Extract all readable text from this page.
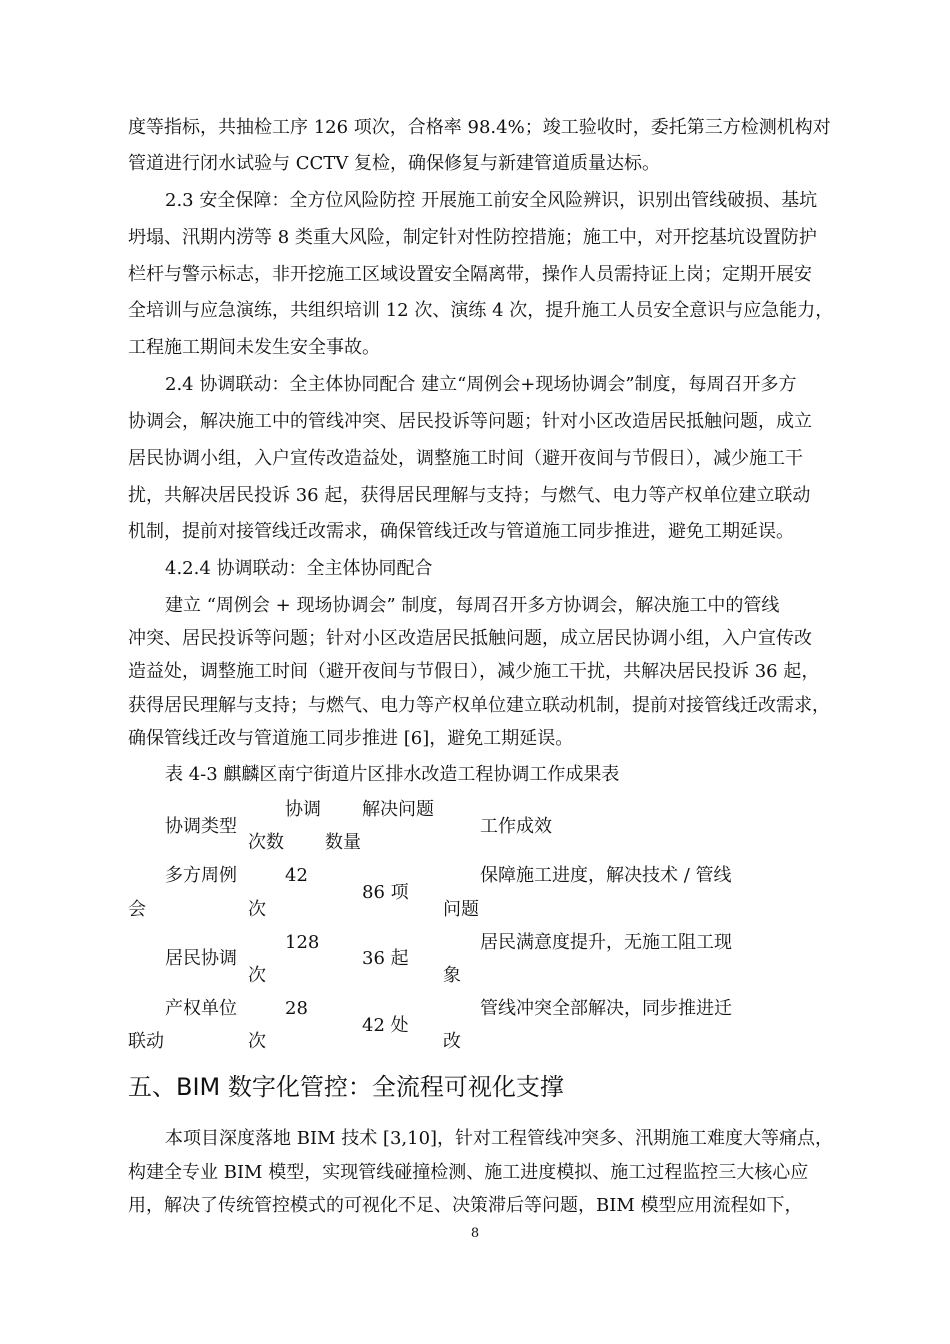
度等指标，共抽检工序 126 项次，合格率 98.4%；竣工验收时，委托第三方检测机构对
管道进行闭水试验与 CCTV 复检，确保修复与新建管道质量达标。
2.3 安全保障：全方位风险防控 开展施工前安全风险辨识，识别出管线破损、基坑
坍塌、汛期内涝等 8 类重大风险，制定针对性防控措施；施工中，对开挖基坑设置防护
栏杆与警示标志，非开挖施工区域设置安全隔离带，操作人员需持证上岗；定期开展安
全培训与应急演练，共组织培训 12 次、演练 4 次，提升施工人员安全意识与应急能力，
工程施工期间未发生安全事故。
2.4 协调联动：全主体协同配合 建立“周例会+现场协调会”制度，每周召开多方
协调会，解决施工中的管线冲突、居民投诉等问题；针对小区改造居民抵触问题，成立
居民协调小组，入户宣传改造益处，调整施工时间（避开夜间与节假日），减少施工干
扰，共解决居民投诉 36 起，获得居民理解与支持；与燃气、电力等产权单位建立联动
机制，提前对接管线迁改需求，确保管线迁改与管道施工同步推进，避免工期延误。
4.2.4 协调联动：全主体协同配合
建立 “周例会 + 现场协调会” 制度，每周召开多方协调会，解决施工中的管线
冲突、居民投诉等问题；针对小区改造居民抵触问题，成立居民协调小组，入户宣传改
造益处，调整施工时间（避开夜间与节假日），减少施工干扰，共解决居民投诉 36 起，
获得居民理解与支持；与燃气、电力等产权单位建立联动机制，提前对接管线迁改需求，
确保管线迁改与管道施工同步推进 [6]，避免工期延误。
表 4-3 麒麟区南宁街道片区排水改造工程协调工作成果表
协调类型
协调
次数
解决问题
数量
工作成效
多方周例
会
42
次
86 项
保障施工进度，解决技术 / 管线
问题
居民协调
128
次
36 起
居民满意度提升，无施工阻工现
象
产权单位
联动
28
次
42 处
管线冲突全部解决，同步推进迁
改
五、BIM 数字化管控：全流程可视化支撑
本项目深度落地 BIM 技术 [3,10]，针对工程管线冲突多、汛期施工难度大等痛点，
构建全专业 BIM 模型，实现管线碰撞检测、施工进度模拟、施工过程监控三大核心应
用，解决了传统管控模式的可视化不足、决策滞后等问题，BIM 模型应用流程如下，
8
